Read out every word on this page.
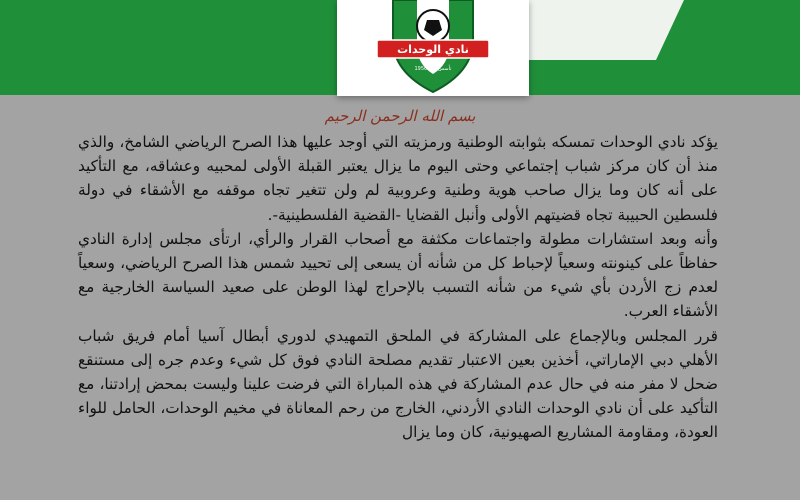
نادي الوحدات
تأسس عام 1956
بسم الله الرحمن الرحيم

يؤكد نادي الوحدات تمسكه بثوابته الوطنية ورمزيته التي أوجد عليها هذا الصرح الرياضي الشامخ، والذي منذ أن كان مركز شباب إجتماعي وحتى اليوم ما يزال يعتبر القبلة الأولى لمحبيه وعشاقه، مع التأكيد على أنه كان وما يزال صاحب هوية وطنية وعروبية لم ولن تتغير تجاه موقفه مع الأشقاء في دولة فلسطين الحبيبة تجاه قضيتهم الأولى وأنبل القضايا -القضية الفلسطينية-.

وأنه وبعد استشارات مطولة واجتماعات مكثفة مع أصحاب القرار والرأي، ارتأى مجلس إدارة النادي حفاظاً على كينونته وسعياً لإحباط كل من شأنه أن يسعى إلى تحييد شمس هذا الصرح الرياضي، وسعياً لعدم زج الأردن بأي شيء من شأنه التسبب بالإحراج لهذا الوطن على صعيد السياسة الخارجية مع الأشقاء العرب.

قرر المجلس وبالإجماع على المشاركة في الملحق التمهيدي لدوري أبطال آسيا أمام فريق شباب الأهلي دبي الإماراتي، أخذين بعين الاعتبار تقديم مصلحة النادي فوق كل شيء وعدم جره إلى مستنقع ضحل لا مفر منه في حال عدم المشاركة في هذه المباراة التي فرضت علينا وليست بمحض إرادتنا، مع التأكيد على أن نادي الوحدات النادي الأردني، الخارج من رحم المعاناة في مخيم الوحدات، الحامل للواء العودة، ومقاومة المشاريع الصهيونية، كان وما يزال
